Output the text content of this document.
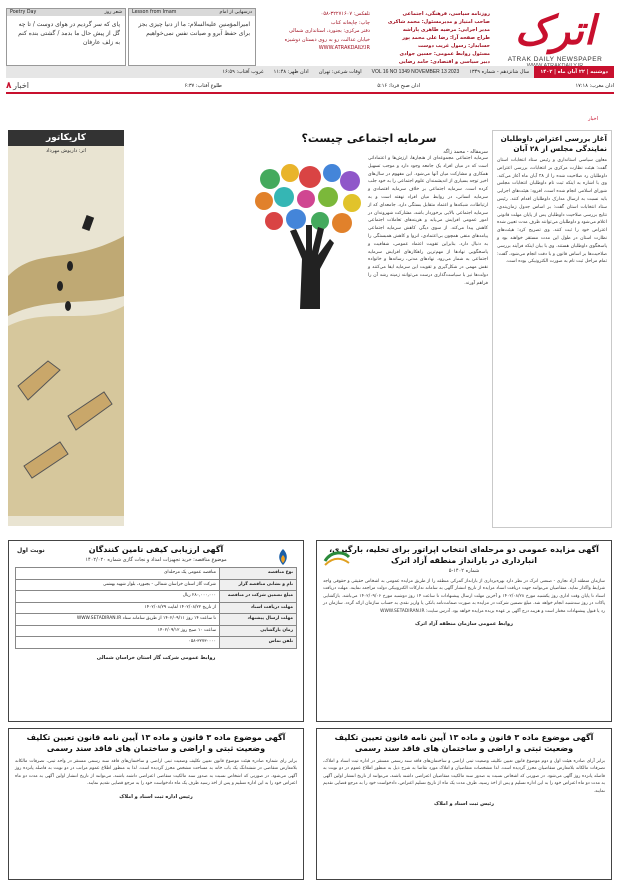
اترک
ATRAK DAILY NEWSPAPER
روزنامه سیاسی، فرهنگی، اجتماعی
صاحب امتیاز و مدیرمسئول: محمد شاکری
مدیر اجرایی: مرضیه طاهری پاراشه
طراح صفحه آرا: رضا علی محمد پور
حسابدار: رسول غریب دوست
مسئول روابط عمومی: حسین جوادی
دبیر سیاسی و اقتصادی: حامد رضایی
تلفکس: ۳۲۲۷۱۶۰۷-۰۵۸
چاپ: چاپخانه کتاب
دفتر مرکزی: بجنورد، استانداری شمالی
خیابان عدالت، رو به روی دبستان دوشیزه
WWW.ATRAKDAILY.IR
درسهایی از امام
Lesson from Imam
امیرالمؤمنین علیه‌السلام: ما از دنیا چیزی بجز برای حفظ آبرو و صیانت نفس نمی‌خواهیم
شعر روز
Poetry Day
پای که سر گردیم در هوای دوست / تا چه گل از پیش حال ما بدمد / گشتی بنده کنم به زلف عارفان
دوشنبه | ۲۲ آبان ماه | ۱۴۰۲
سال شانزدهم - شماره ۱۳۴۹
VOL 16 NO 1349 NOVEMBER 13 2023
اوقات شرعی: تهران
اذان ظهر: ۱۱:۴۸
غروب آفتاب: ۱۶:۵۹
اذان مغرب: ۱۷:۱۸
اذان صبح فردا: ۵:۱۶
طلوع آفتاب: ۶:۳۷
اخبار ۸
اخبار
آغاز بررسی اعتراض داوطلبان نمایندگی مجلس از ۲۸ آبان
معاون سیاسی استانداری و رئیس ستاد انتخابات استان گفت: هیئت نظارت مرکزی بر انتخابات، بررسی اعتراض داوطلبان رد صلاحیت شده را از ۲۸ آبان ماه آغاز می‌کند. وی با اشاره به اینکه ثبت نام داوطلبان انتخابات مجلس شورای اسلامی انجام شده است، افزود: هیئت‌های اجرایی باید نسبت به ارسال مدارک داوطلبان اقدام کنند. رئیس ستاد انتخابات استان گفت: بر اساس جدول زمان‌بندی، نتایج بررسی صلاحیت داوطلبان پس از پایان مهلت قانونی اعلام می‌شود و داوطلبان می‌توانند ظرف مدت تعیین شده اعتراض خود را ثبت کنند. وی تصریح کرد: هیئت‌های نظارت استان در طول این مدت مستقر خواهند بود و پاسخگوی داوطلبان هستند. وی با بیان اینکه فرآیند بررسی صلاحیت‌ها بر اساس قانون و با دقت انجام می‌شود، گفت: تمام مراحل ثبت نام به صورت الکترونیکی بوده است.
سرمایه اجتماعی چیست؟
سرمقاله - محمد زاگه
سرمایه اجتماعی مجموعه‌ای از هنجارها، ارزش‌ها و اعتماداتی است که در میان افراد یک جامعه وجود دارد و موجب تسهیل همکاری و مشارکت میان آنها می‌شود. این مفهوم در سال‌های اخیر توجه بسیاری از اندیشمندان علوم اجتماعی را به خود جلب کرده است. سرمایه اجتماعی بر خلاف سرمایه اقتصادی و سرمایه انسانی، در روابط میان افراد نهفته است و به ارتباطات، شبکه‌ها و اعتماد متقابل بستگی دارد. جامعه‌ای که از سرمایه اجتماعی بالایی برخوردار باشد، مشارکت شهروندان در امور عمومی افزایش می‌یابد و هزینه‌های تعاملات اجتماعی کاهش پیدا می‌کند. از سوی دیگر، کاهش سرمایه اجتماعی پیامدهای منفی همچون بی‌اعتمادی، انزوا و کاهش همبستگی را به دنبال دارد. بنابراین تقویت اعتماد عمومی، شفافیت و پاسخگویی نهادها از مهم‌ترین راهکارهای افزایش سرمایه اجتماعی به شمار می‌رود. نهادهای مدنی، رسانه‌ها و خانواده نقش مهمی در شکل‌گیری و تقویت این سرمایه ایفا می‌کنند و دولت‌ها نیز با سیاست‌گذاری درست می‌توانند زمینه رشد آن را فراهم آورند.
کاریکاتور
اثر: داریوش مهرداد
آگهی مزایده عمومی دو مرحله‌ای انتخاب اپراتور برای تخلیه، بارگیری، انبارداری در بارانداز منطقه آزاد اترک
شماره ۱۴۰۲-۵
سازمان منطقه آزاد تجاری - صنعتی اترک در نظر دارد بهره‌برداری از بارانداز گمرکی منطقه را از طریق مزایده عمومی به اشخاص حقیقی و حقوقی واجد شرایط واگذار نماید. متقاضیان می‌توانند جهت دریافت اسناد مزایده از تاریخ انتشار آگهی به سامانه تدارکات الکترونیکی دولت مراجعه نمایند. مهلت دریافت اسناد تا پایان وقت اداری روز یکشنبه مورخ ۱۴۰۲/۰۸/۲۸ و آخرین مهلت ارسال پیشنهادات تا ساعت ۱۴ روز دوشنبه مورخ ۱۴۰۲/۰۹/۰۶ می‌باشد. بازگشایی پاکات در روز سه‌شنبه انجام خواهد شد. مبلغ تضمین شرکت در مزایده به صورت ضمانت‌نامه بانکی یا واریز نقدی به حساب سازمان ارائه گردد. سازمان در رد یا قبول پیشنهادات مختار است و هزینه درج آگهی بر عهده برنده مزایده خواهد بود. آدرس سایت: WWW.SETADIRAN.IR
روابط عمومی سازمان منطقه آزاد اترک
نوبت اول	آگهی ارزیابی کیفی تامین کنندگان
موضوع مناقصه: خرید تجهیزات امداد و نجات گازی شماره ۱۴۰۲/۰۲۰
نوع مناقصه	مناقصه عمومی یک مرحله‌ای
نام و نشانی مناقصه گزار	شرکت گاز استان خراسان شمالی - بجنورد، بلوار شهید بهشتی
مبلغ تضمین شرکت در مناقصه	۲۸۰,۰۰۰,۰۰۰ ریال
مهلت دریافت اسناد	از تاریخ ۱۴۰۲/۰۸/۲۲ لغایت ۱۴۰۲/۰۸/۲۹
مهلت ارسال پیشنهاد	تا ساعت ۱۴ روز ۱۴۰۲/۰۹/۱۱ از طریق سامانه ستاد WWW.SETADIRAN.IR
زمان بازگشایی	ساعت ۱۰ صبح روز ۱۴۰۲/۰۹/۱۲
تلفن تماس	۰۵۸-۳۲۷۳۰۰۰۰
روابط عمومی شرکت گاز استان خراسان شمالی
آگهی موضوع ماده ۳ قانون و ماده ۱۳ آیین نامه قانون تعیین تکلیف وضعیت ثبتی و اراضی و ساختمان های فاقد سند رسمی
برابر آرای صادره هیئت اول و دوم موضوع قانون تعیین تکلیف وضعیت ثبتی اراضی و ساختمان‌های فاقد سند رسمی مستقر در اداره ثبت اسناد و املاک، تصرفات مالکانه بلامعارض متقاضیان محرز گردیده است. لذا مشخصات متقاضیان و املاک مورد تقاضا به شرح ذیل به منظور اطلاع عموم در دو نوبت به فاصله پانزده روز آگهی می‌شود. در صورتی که اشخاص نسبت به صدور سند مالکیت متقاضیان اعتراضی داشته باشند، می‌توانند از تاریخ انتشار اولین آگهی به مدت دو ماه اعتراض خود را به این اداره تسلیم و پس از اخذ رسید، ظرف مدت یک ماه از تاریخ تسلیم اعتراض، دادخواست خود را به مرجع قضایی تقدیم نمایند.
رئیس ثبت اسناد و املاک
آگهی موضوع ماده ۳ قانون و ماده ۱۳ آیین نامه قانون تعیین تکلیف وضعیت ثبتی و اراضی و ساختمان های فاقد سند رسمی
برابر رای شماره صادره هیئت موضوع قانون تعیین تکلیف وضعیت ثبتی اراضی و ساختمان‌های فاقد سند رسمی مستقر در واحد ثبتی، تصرفات مالکانه بلامعارض متقاضی در ششدانگ یک باب خانه به مساحت مشخص محرز گردیده است. لذا به منظور اطلاع عموم مراتب در دو نوبت به فاصله پانزده روز آگهی می‌شود. در صورتی که اشخاص نسبت به صدور سند مالکیت متقاضی اعتراضی داشته باشند، می‌توانند از تاریخ انتشار اولین آگهی به مدت دو ماه اعتراض خود را به این اداره تسلیم و پس از اخذ رسید ظرف یک ماه دادخواست خود را به مرجع قضایی تقدیم نمایند.
رئیس اداره ثبت اسناد و املاک
